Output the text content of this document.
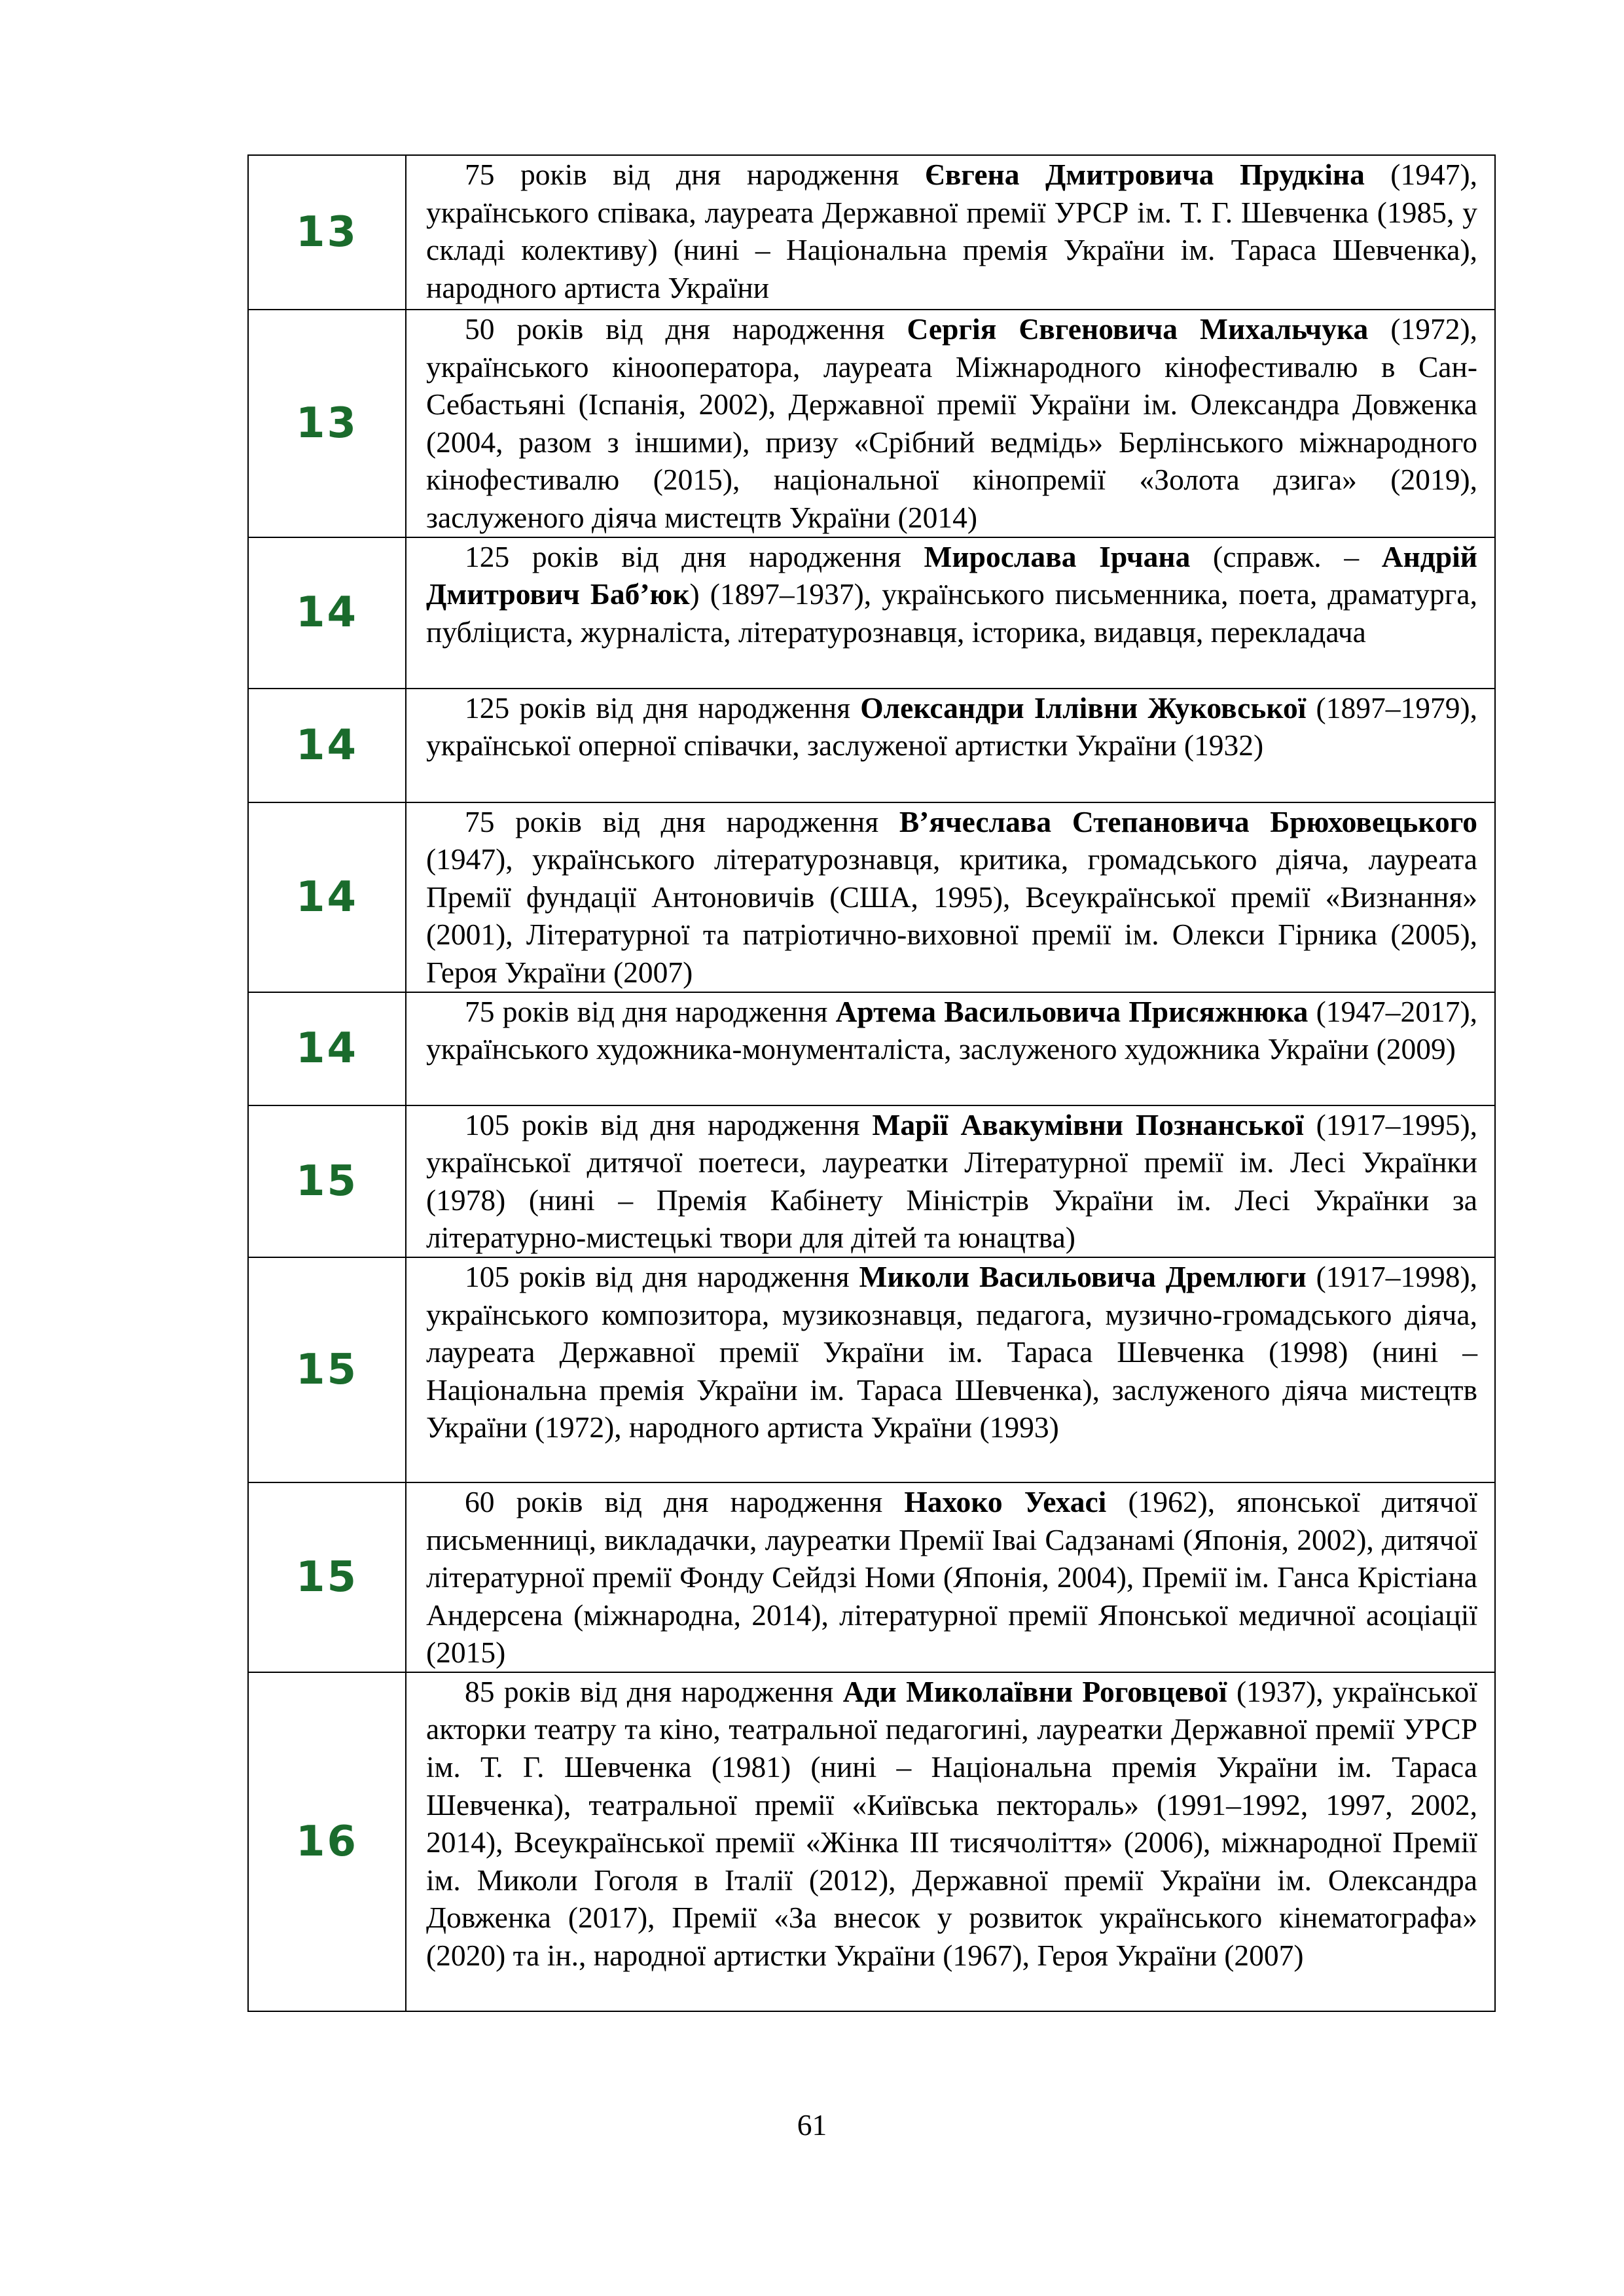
13	75 років від дня народження Євгена Дмитровича Прудкіна (1947), українського співака, лауреата Державної премії УРСР ім. Т. Г. Шевченка (1985, у складі колективу) (нині – Національна премія України ім. Тараса Шевченка), народного артиста України

13	50 років від дня народження Сергія Євгеновича Михальчука (1972), українського кінооператора, лауреата Міжнародного кінофестивалю в Сан-Себастьяні (Іспанія, 2002), Державної премії України ім. Олександра Довженка (2004, разом з іншими), призу «Срібний ведмідь» Берлінського міжнародного кінофестивалю (2015), національної кінопремії «Золота дзига» (2019), заслуженого діяча мистецтв України (2014)

14	125 років від дня народження Мирослава Ірчана (справж. – Андрій Дмитрович Баб’юк) (1897–1937), українського письменника, поета, драматурга, публіциста, журналіста, літературознавця, історика, видавця, перекладача

14	125 років від дня народження Олександри Іллівни Жуковської (1897–1979), української оперної співачки, заслуженої артистки України (1932)

14	75 років від дня народження В’ячеслава Степановича Брюховецького (1947), українського літературознавця, критика, громадського діяча, лауреата Премії фундації Антоновичів (США, 1995), Всеукраїнської премії «Визнання» (2001), Літературної та патріотично-виховної премії ім. Олекси Гірника (2005), Героя України (2007)

14	75 років від дня народження Артема Васильовича Присяжнюка (1947–2017), українського художника-монументаліста, заслуженого художника України (2009)

15	105 років від дня народження Марії Авакумівни Познанської (1917–1995), української дитячої поетеси, лауреатки Літературної премії ім. Лесі Українки (1978) (нині – Премія Кабінету Міністрів України ім. Лесі Українки за літературно-мистецькі твори для дітей та юнацтва)

15	105 років від дня народження Миколи Васильовича Дремлюги (1917–1998), українського композитора, музикознавця, педагога, музично-громадського діяча, лауреата Державної премії України ім. Тараса Шевченка (1998) (нині – Національна премія України ім. Тараса Шевченка), заслуженого діяча мистецтв України (1972), народного артиста України (1993)

15	60 років від дня народження Нахоко Уехасі (1962), японської дитячої письменниці, викладачки, лауреатки Премії Іваі Садзанамі (Японія, 2002), дитячої літературної премії Фонду Сейдзі Номи (Японія, 2004), Премії ім. Ганса Крістіана Андерсена (міжнародна, 2014), літературної премії Японської медичної асоціації (2015)

16	85 років від дня народження Ади Миколаївни Роговцевої (1937), української акторки театру та кіно, театральної педагогині, лауреатки Державної премії УРСР ім. Т. Г. Шевченка (1981) (нині – Національна премія України ім. Тараса Шевченка), театральної премії «Київська пектораль» (1991–1992, 1997, 2002, 2014), Всеукраїнської премії «Жінка ІІІ тисячоліття» (2006), міжнародної Премії ім. Миколи Гоголя в Італії (2012), Державної премії України ім. Олександра Довженка (2017), Премії «За внесок у розвиток українського кінематографа» (2020) та ін., народної артистки України (1967), Героя України (2007)

61
